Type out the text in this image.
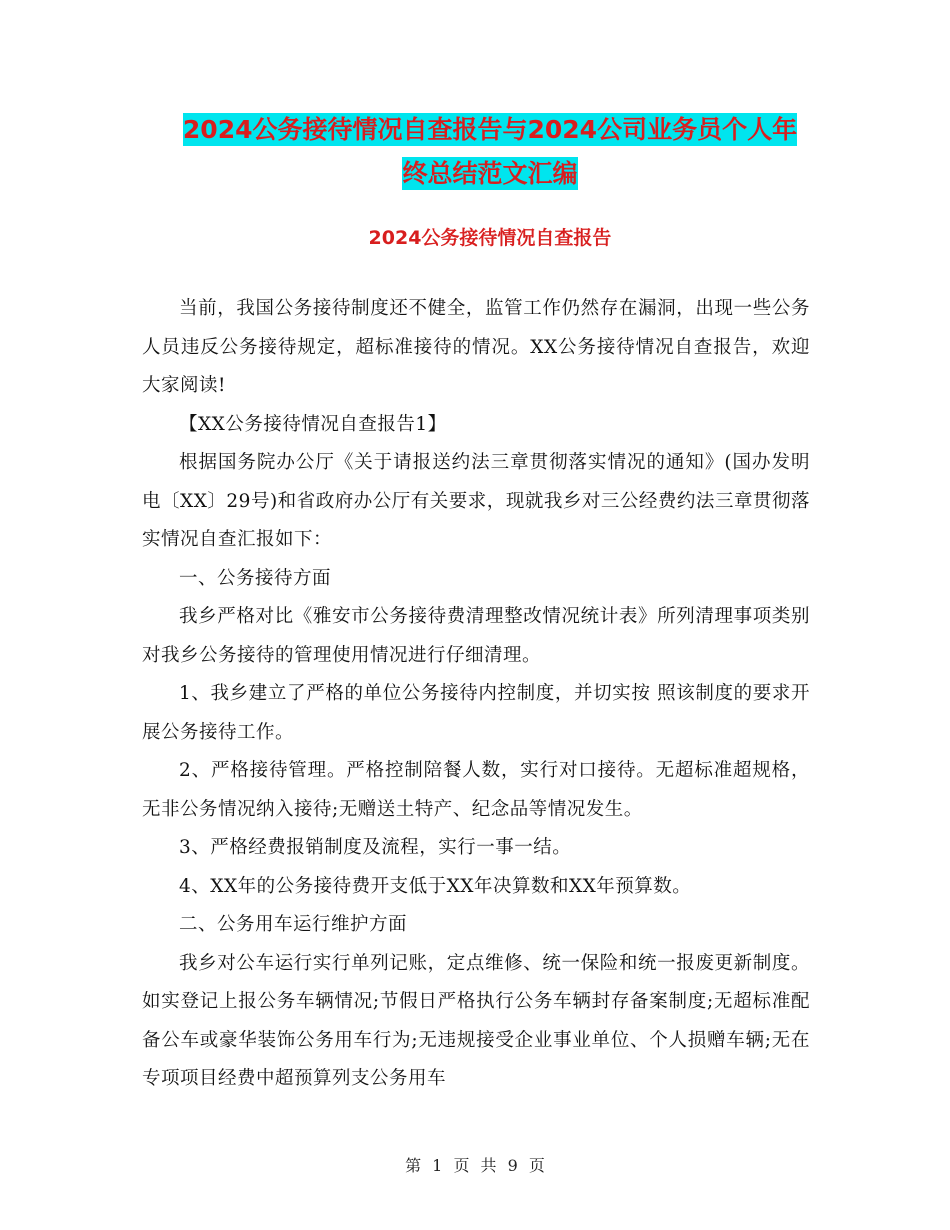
2024公务接待情况自查报告与2024公司业务员个人年
终总结范文汇编
2024公务接待情况自查报告

当前，我国公务接待制度还不健全，监管工作仍然存在漏洞，出现一些公务人员违反公务接待规定，超标准接待的情况。XX公务接待情况自查报告，欢迎大家阅读!

【XX公务接待情况自查报告1】

根据国务院办公厅《关于请报送约法三章贯彻落实情况的通知》(国办发明电〔XX〕29号)和省政府办公厅有关要求，现就我乡对三公经费约法三章贯彻落实情况自查汇报如下：

一、公务接待方面

我乡严格对比《雅安市公务接待费清理整改情况统计表》所列清理事项类别对我乡公务接待的管理使用情况进行仔细清理。

1、我乡建立了严格的单位公务接待内控制度，并切实按 照该制度的要求开展公务接待工作。

2、严格接待管理。严格控制陪餐人数，实行对口接待。无超标准超规格，无非公务情况纳入接待;无赠送土特产、纪念品等情况发生。

3、严格经费报销制度及流程，实行一事一结。

4、XX年的公务接待费开支低于XX年决算数和XX年预算数。

二、公务用车运行维护方面

我乡对公车运行实行单列记账，定点维修、统一保险和统一报废更新制度。如实登记上报公务车辆情况;节假日严格执行公务车辆封存备案制度;无超标准配备公车或豪华装饰公务用车行为;无违规接受企业事业单位、个人损赠车辆;无在专项项目经费中超预算列支公务用车

第 1 页 共 9 页
